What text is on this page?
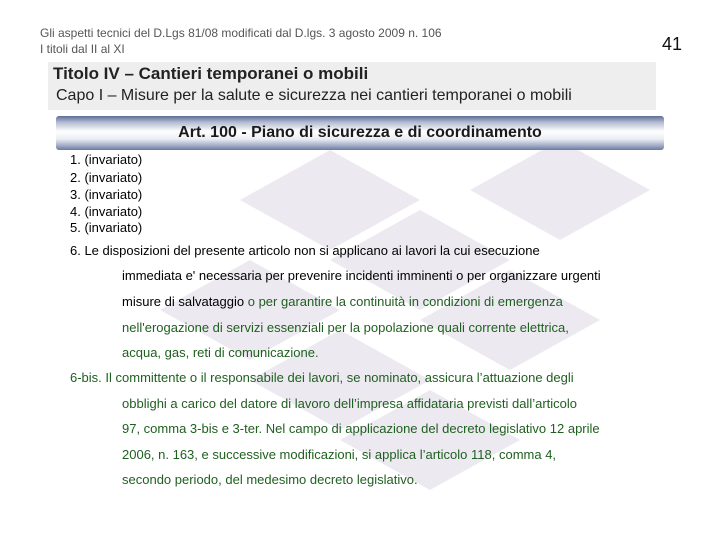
Gli aspetti tecnici del D.Lgs 81/08 modificati dal D.lgs. 3 agosto 2009 n. 106
I titoli dal II al XI	41
Titolo IV – Cantieri temporanei o mobili
Capo I – Misure per la salute e sicurezza nei cantieri temporanei o mobili
Art. 100 - Piano di sicurezza e di coordinamento
1. (invariato)
2. (invariato)
3. (invariato)
4. (invariato)
5. (invariato)
6. Le disposizioni del presente articolo non si applicano ai lavori la cui esecuzione
immediata e' necessaria per prevenire incidenti imminenti o per organizzare urgenti
misure di salvataggio o per garantire la continuità in condizioni di emergenza
nell'erogazione di servizi essenziali per la popolazione quali corrente elettrica,
acqua, gas, reti di comunicazione.
6-bis. Il committente o il responsabile dei lavori, se nominato, assicura l’attuazione degli
obblighi a carico del datore di lavoro dell’impresa affidataria previsti dall’articolo
97, comma 3-bis e 3-ter. Nel campo di applicazione del decreto legislativo 12 aprile
2006, n. 163, e successive modificazioni, si applica l’articolo 118, comma 4,
secondo periodo, del medesimo decreto legislativo.
